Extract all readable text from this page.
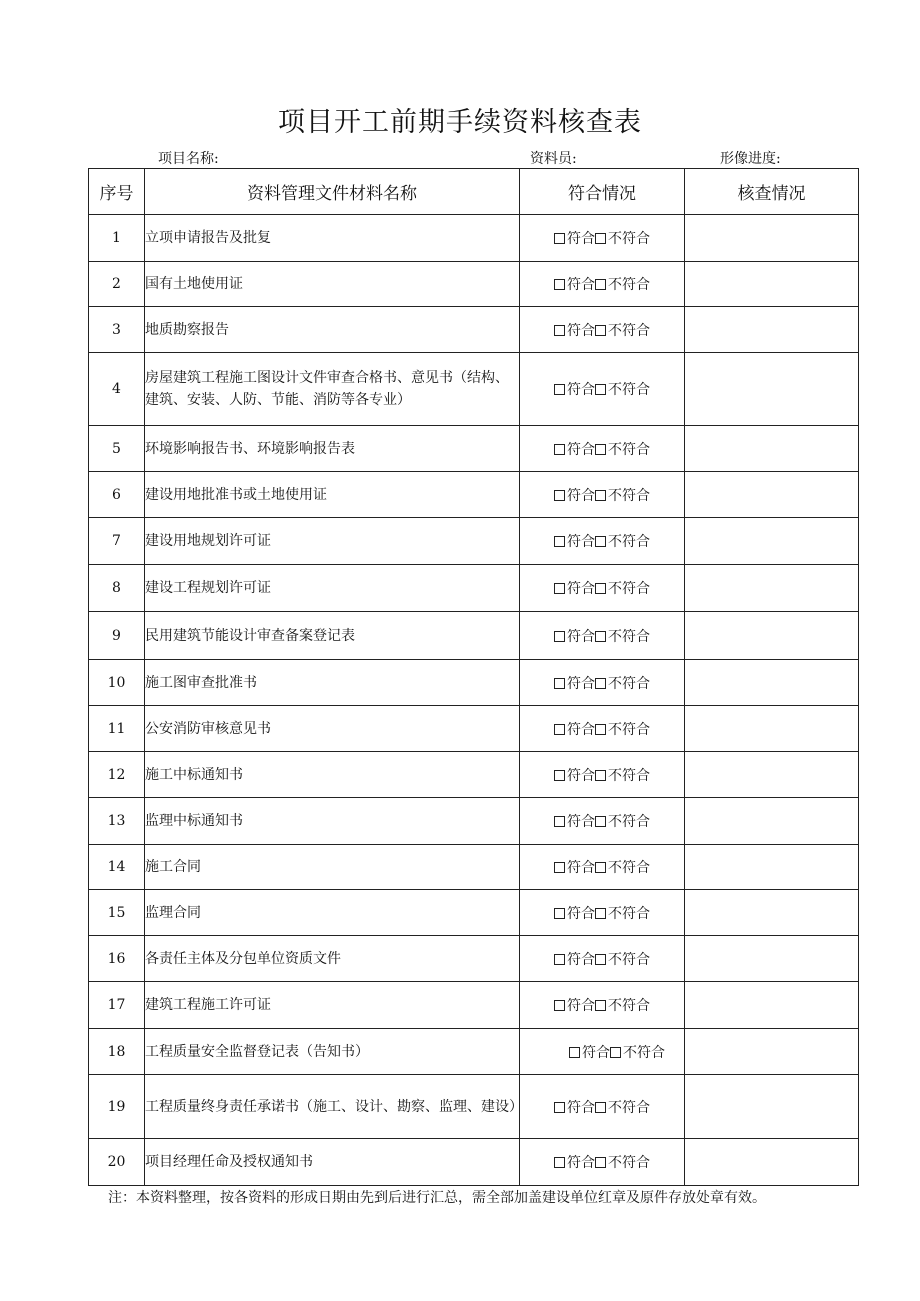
项目开工前期手续资料核查表
项目名称:	资料员:	形像进度:
序号	资料管理文件材料名称	符合情况	核查情况
1	立项申请报告及批复	符合 不符合	
2	国有土地使用证	符合 不符合	
3	地质勘察报告	符合 不符合	
4	房屋建筑工程施工图设计文件审查合格书、意见书（结构、建筑、安装、人防、节能、消防等各专业）	符合 不符合	
5	环境影响报告书、环境影响报告表	符合 不符合	
6	建设用地批准书或土地使用证	符合 不符合	
7	建设用地规划许可证	符合 不符合	
8	建设工程规划许可证	符合 不符合	
9	民用建筑节能设计审查备案登记表	符合 不符合	
10	施工图审查批准书	符合 不符合	
11	公安消防审核意见书	符合 不符合	
12	施工中标通知书	符合 不符合	
13	监理中标通知书	符合 不符合	
14	施工合同	符合 不符合	
15	监理合同	符合 不符合	
16	各责任主体及分包单位资质文件	符合 不符合	
17	建筑工程施工许可证	符合 不符合	
18	工程质量安全监督登记表（告知书）	符合 不符合	
19	工程质量终身责任承诺书（施工、设计、勘察、监理、建设）	符合 不符合	
20	项目经理任命及授权通知书	符合 不符合	
注：本资料整理，按各资料的形成日期由先到后进行汇总，需全部加盖建设单位红章及原件存放处章有效。
